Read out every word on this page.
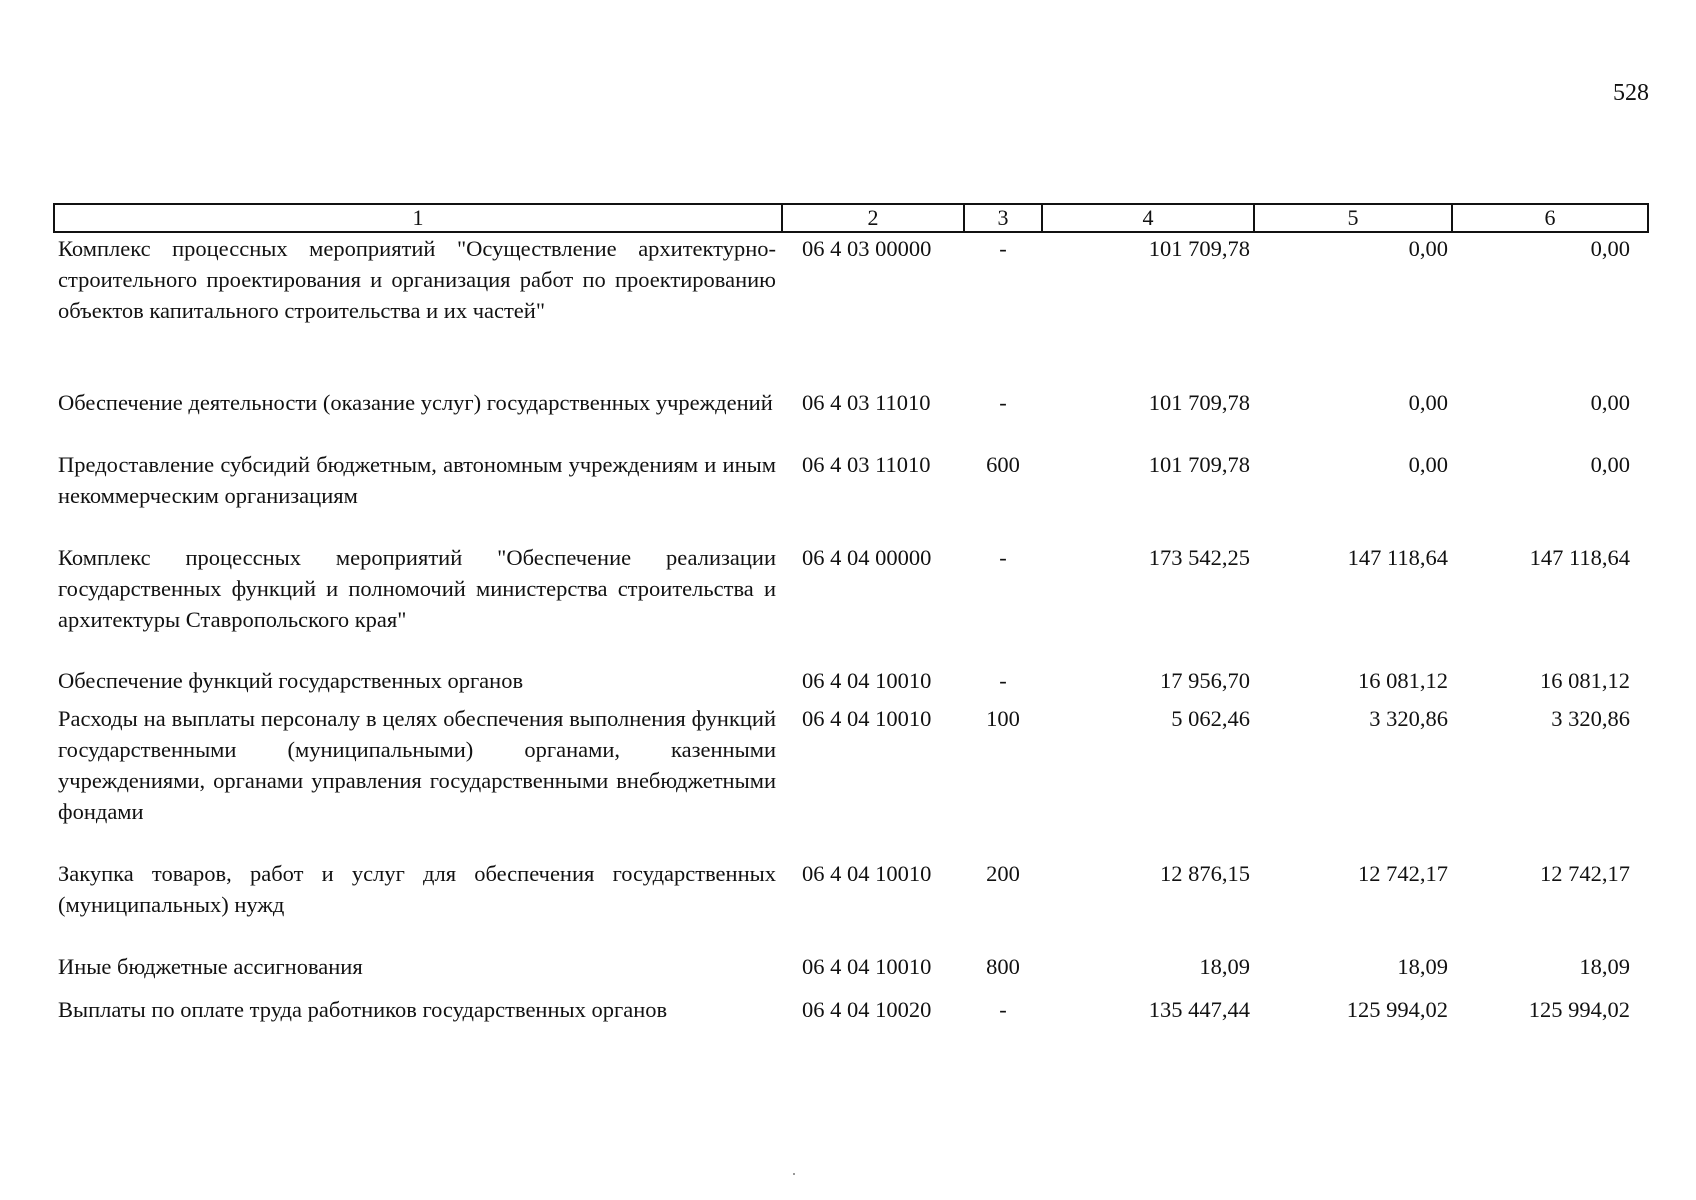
528
1	2	3	4	5	6
Комплекс процессных мероприятий "Осуществление архитектурно-строительного проектирования и организация работ по проектированию объектов капитального строительства и их частей"	06 4 03 00000	-	101 709,78	0,00	0,00
Обеспечение деятельности (оказание услуг) государственных учреждений	06 4 03 11010	-	101 709,78	0,00	0,00
Предоставление субсидий бюджетным, автономным учреждениям и иным некоммерческим организациям	06 4 03 11010	600	101 709,78	0,00	0,00
Комплекс процессных мероприятий "Обеспечение реализации государственных функций и полномочий министерства строительства и архитектуры Ставропольского края"	06 4 04 00000	-	173 542,25	147 118,64	147 118,64
Обеспечение функций государственных органов	06 4 04 10010	-	17 956,70	16 081,12	16 081,12
Расходы на выплаты персоналу в целях обеспечения выполнения функций государственными (муниципальными) органами, казенными учреждениями, органами управления государственными внебюджетными фондами	06 4 04 10010	100	5 062,46	3 320,86	3 320,86
Закупка товаров, работ и услуг для обеспечения государственных (муниципальных) нужд	06 4 04 10010	200	12 876,15	12 742,17	12 742,17
Иные бюджетные ассигнования	06 4 04 10010	800	18,09	18,09	18,09
Выплаты по оплате труда работников государственных органов	06 4 04 10020	-	135 447,44	125 994,02	125 994,02
